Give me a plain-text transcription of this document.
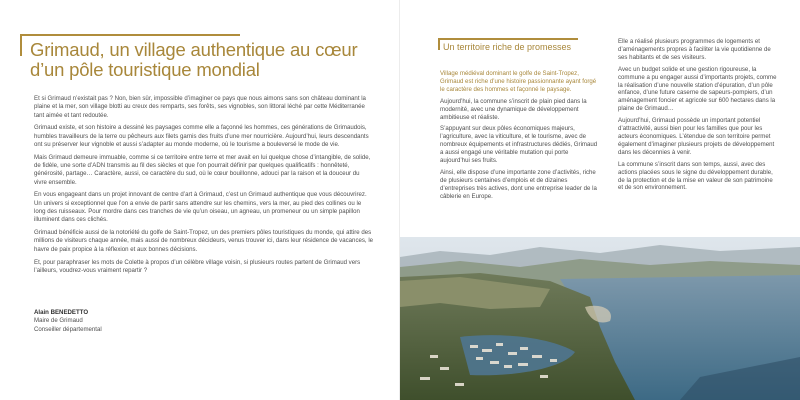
Grimaud, un village authentique au cœur
d’un pôle touristique mondial

Et si Grimaud n’existait pas ? Non, bien sûr, impossible d’imaginer ce pays que nous aimons sans son château dominant la plaine et la mer, son village blotti au creux des remparts, ses forêts, ses vignobles, son littoral léché par cette Méditerranée tant aimée et tant redoutée.

Grimaud existe, et son histoire a dessiné les paysages comme elle a façonné les hommes, ces générations de Grimaudois, humbles travailleurs de la terre ou pêcheurs aux filets garnis des fruits d’une mer nourricière. Aujourd’hui, leurs descendants ont su préserver leur vignoble et aussi s’adapter au monde moderne, où le tourisme a bouleversé le mode de vie.

Mais Grimaud demeure immuable, comme si ce territoire entre terre et mer avait en lui quelque chose d’intangible, de solide, de fidèle, une sorte d’ADN transmis au fil des siècles et que l’on pourrait définir par quelques qualificatifs : honnêteté, générosité, partage… Caractère, aussi, ce caractère du sud, où le cœur bouillonne, adouci par la raison et la douceur du vivre ensemble.

En vous engageant dans un projet innovant de centre d’art à Grimaud, c’est un Grimaud authentique que vous découvrirez. Un univers si exceptionnel que l’on a envie de partir sans attendre sur les chemins, vers la mer, au pied des collines ou le long des ruisseaux. Pour mordre dans ces tranches de vie qu’un oiseau, un agneau, un promeneur ou un simple papillon illuminent dans ces clichés.

Grimaud bénéficie aussi de la notoriété du golfe de Saint-Tropez, un des premiers pôles touristiques du monde, qui attire des millions de visiteurs chaque année, mais aussi de nombreux décideurs, venus trouver ici, dans leur résidence de vacances, le havre de paix propice à la réflexion et aux bonnes décisions.

Et, pour paraphraser les mots de Colette à propos d’un célèbre village voisin, si plusieurs routes partent de Grimaud vers l’ailleurs, voudrez-vous vraiment repartir ?

Alain BENEDETTO
Maire de Grimaud
Conseiller départemental
Un territoire riche de promesses

Village médiéval dominant le golfe de Saint-Tropez, Grimaud est riche d’une histoire passionnante ayant forgé le caractère des hommes et façonné le paysage.

Aujourd’hui, la commune s’inscrit de plain pied dans la modernité, avec une dynamique de développement ambitieuse et réaliste.

S’appuyant sur deux pôles économiques majeurs, l’agriculture, avec la viticulture, et le tourisme, avec de nombreux équipements et infrastructures dédiés, Grimaud a aussi engagé une véritable mutation qui porte aujourd’hui ses fruits.

Ainsi, elle dispose d’une importante zone d’activités, riche de plusieurs centaines d’emplois et de dizaines d’entreprises très actives, dont une entreprise leader de la câblerie en Europe.

Elle a réalisé plusieurs programmes de logements et d’aménagements propres à faciliter la vie quotidienne de ses habitants et de ses visiteurs.

Avec un budget solide et une gestion rigoureuse, la commune a pu engager aussi d’importants projets, comme la réalisation d’une nouvelle station d’épuration, d’un pôle enfance, d’une future caserne de sapeurs-pompiers, d’un aménagement foncier et agricole sur 600 hectares dans la plaine de Grimaud…

Aujourd’hui, Grimaud possède un important potentiel d’attractivité, aussi bien pour les familles que pour les acteurs économiques. L’étendue de son territoire permet également d’imaginer plusieurs projets de développement dans les décennies à venir.

La commune s’inscrit dans son temps, aussi, avec des actions placées sous le signe du développement durable, de la protection et de la mise en valeur de son patrimoine et de son environnement.
